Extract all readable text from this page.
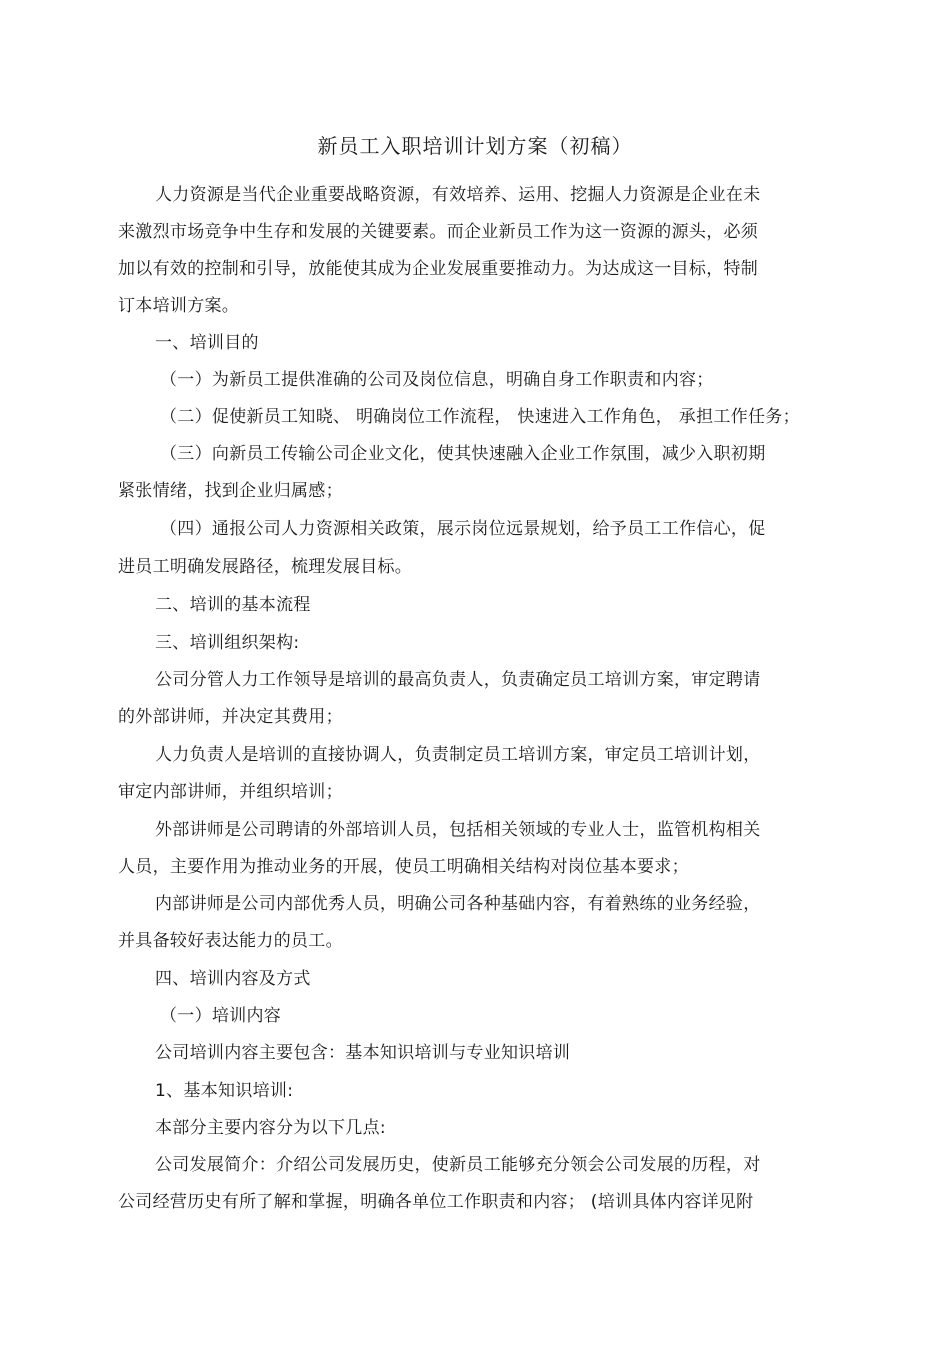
新员工入职培训计划方案（初稿）
人力资源是当代企业重要战略资源，有效培养、运用、挖掘人力资源是企业在未
来激烈市场竞争中生存和发展的关键要素。而企业新员工作为这一资源的源头，必须
加以有效的控制和引导，放能使其成为企业发展重要推动力。为达成这一目标，特制
订本培训方案。
一、培训目的
（一）为新员工提供准确的公司及岗位信息，明确自身工作职责和内容；
（二）促使新员工知晓、 明确岗位工作流程， 快速进入工作角色， 承担工作任务；
（三）向新员工传输公司企业文化，使其快速融入企业工作氛围，减少入职初期
紧张情绪，找到企业归属感；
（四）通报公司人力资源相关政策，展示岗位远景规划，给予员工工作信心，促
进员工明确发展路径，梳理发展目标。
二、培训的基本流程
三、培训组织架构:
公司分管人力工作领导是培训的最高负责人，负责确定员工培训方案，审定聘请
的外部讲师，并决定其费用；
人力负责人是培训的直接协调人，负责制定员工培训方案，审定员工培训计划，
审定内部讲师，并组织培训；
外部讲师是公司聘请的外部培训人员，包括相关领域的专业人士，监管机构相关
人员，主要作用为推动业务的开展，使员工明确相关结构对岗位基本要求；
内部讲师是公司内部优秀人员，明确公司各种基础内容，有着熟练的业务经验，
并具备较好表达能力的员工。
四、培训内容及方式
（一）培训内容
公司培训内容主要包含：基本知识培训与专业知识培训
1、基本知识培训:
本部分主要内容分为以下几点:
公司发展简介：介绍公司发展历史，使新员工能够充分领会公司发展的历程，对
公司经营历史有所了解和掌握，明确各单位工作职责和内容； (培训具体内容详见附
